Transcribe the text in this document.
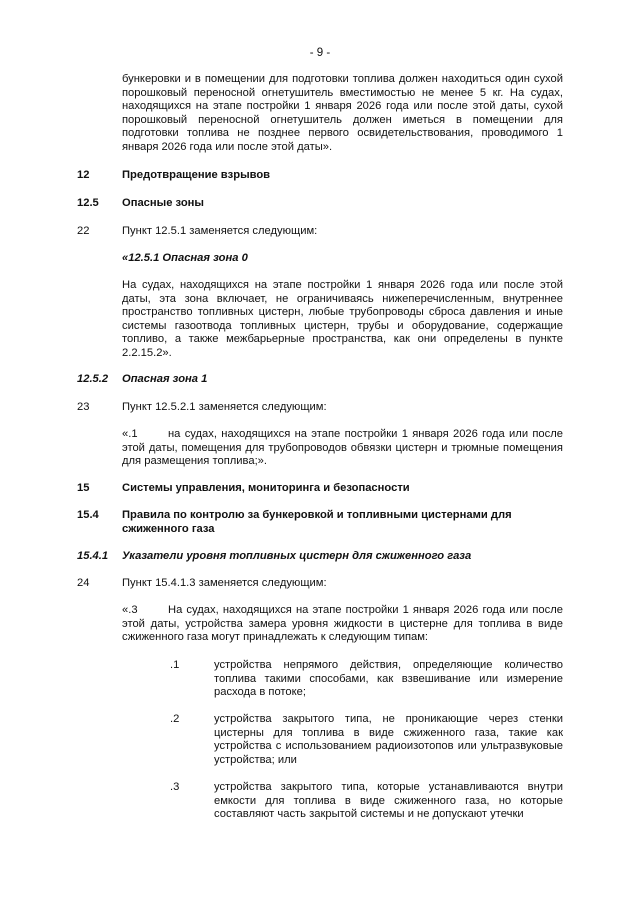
- 9 -

бункеровки и в помещении для подготовки топлива должен находиться один сухой порошковый переносной огнетушитель вместимостью не менее 5 кг. На судах, находящихся на этапе постройки 1 января 2026 года или после этой даты, сухой порошковый переносной огнетушитель должен иметься в помещении для подготовки топлива не позднее первого освидетельствования, проводимого 1 января 2026 года или после этой даты».

12	Предотвращение взрывов
12.5 Опасные зоны
22	Пункт 12.5.1 заменяется следующим:
«12.5.1 Опасная зона 0

На судах, находящихся на этапе постройки 1 января 2026 года или после этой даты, эта зона включает, не ограничиваясь нижеперечисленным, внутреннее пространство топливных цистерн, любые трубопроводы сброса давления и иные системы газоотвода топливных цистерн, трубы и оборудование, содержащие топливо, а также межбарьерные пространства, как они определены в пункте 2.2.15.2».

12.5.2 Опасная зона 1
23	Пункт 12.5.2.1 заменяется следующим:

«.1	на судах, находящихся на этапе постройки 1 января 2026 года или после этой даты, помещения для трубопроводов обвязки цистерн и трюмные помещения для размещения топлива;».

15	Системы управления, мониторинга и безопасности
15.4 Правила по контролю за бункеровкой и топливными цистернами для сжиженного газа
15.4.1 Указатели уровня топливных цистерн для сжиженного газа
24	Пункт 15.4.1.3 заменяется следующим:

«.3	На судах, находящихся на этапе постройки 1 января 2026 года или после этой даты, устройства замера уровня жидкости в цистерне для топлива в виде сжиженного газа могут принадлежать к следующим типам:

.1	устройства непрямого действия, определяющие количество топлива такими способами, как взвешивание или измерение расхода в потоке;

.2	устройства закрытого типа, не проникающие через стенки цистерны для топлива в виде сжиженного газа, такие как устройства с использованием радиоизотопов или ультразвуковые устройства; или

.3	устройства закрытого типа, которые устанавливаются внутри емкости для топлива в виде сжиженного газа, но которые составляют часть закрытой системы и не допускают утечки
